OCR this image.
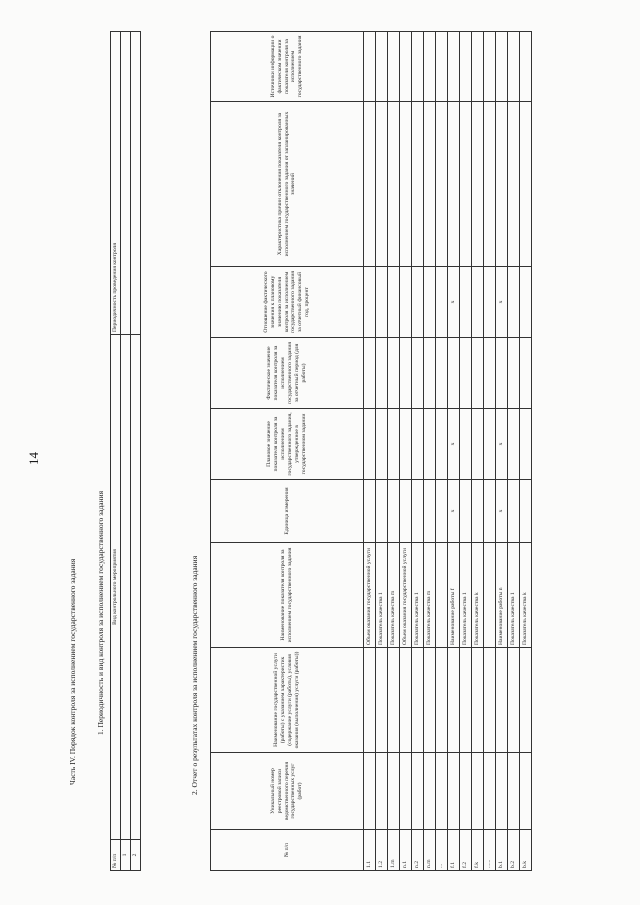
14
Часть IV. Порядок контроля за исполнением государственного задания	1. Периодичность и вид контроля за исполнением государственного задания
№ п/п	Вид контрольного мероприятия	Периодичность проведения контроля
1		
2		
2. Отчет о результатах контроля за исполнением государственного задания
№ п/п	Уникальный номер реестровой записи ведомственного перечня государственных услуг (работ)	Наименование государственной услуги (работы) с указанием характеристик (содержание услуги (работы), условия оказания (выполнения) услуги (работы))	Наименование показателя контроля за исполнением государственного задания	Единица измерения	Плановое значение показателя контроля за исполнением государственного задания, утвержденное в государственном задании	Фактическое значение показателя контроля за исполнением государственного задания за отчетный период (для работы)	Отношение фактического значения к плановому значению показателя контроля за исполнением государственного задания за отчетный финансовый год, процент	Характеристика причин отклонения показателя контроля за исполнением государственного задания от запланированных значений	Источники информации о фактическом значении показателя контроля за исполнением государственного задания
1.1			Объем оказания государственной услуги						
1.2			Показатель качества 1						
1.m			Показатель качества m						
n.1			Объем оказания государственной услуги						
n.2			Показатель качества 1						
n.m			Показатель качества m						
...									
f.1			Наименование работы f	x	x		x		
f.2			Показатель качества 1						
f.k			Показатель качества k						
......									
b.1			Наименование работы n	x	x		x		
b.2			Показатель качества 1						
b.k			Показатель качества k						
